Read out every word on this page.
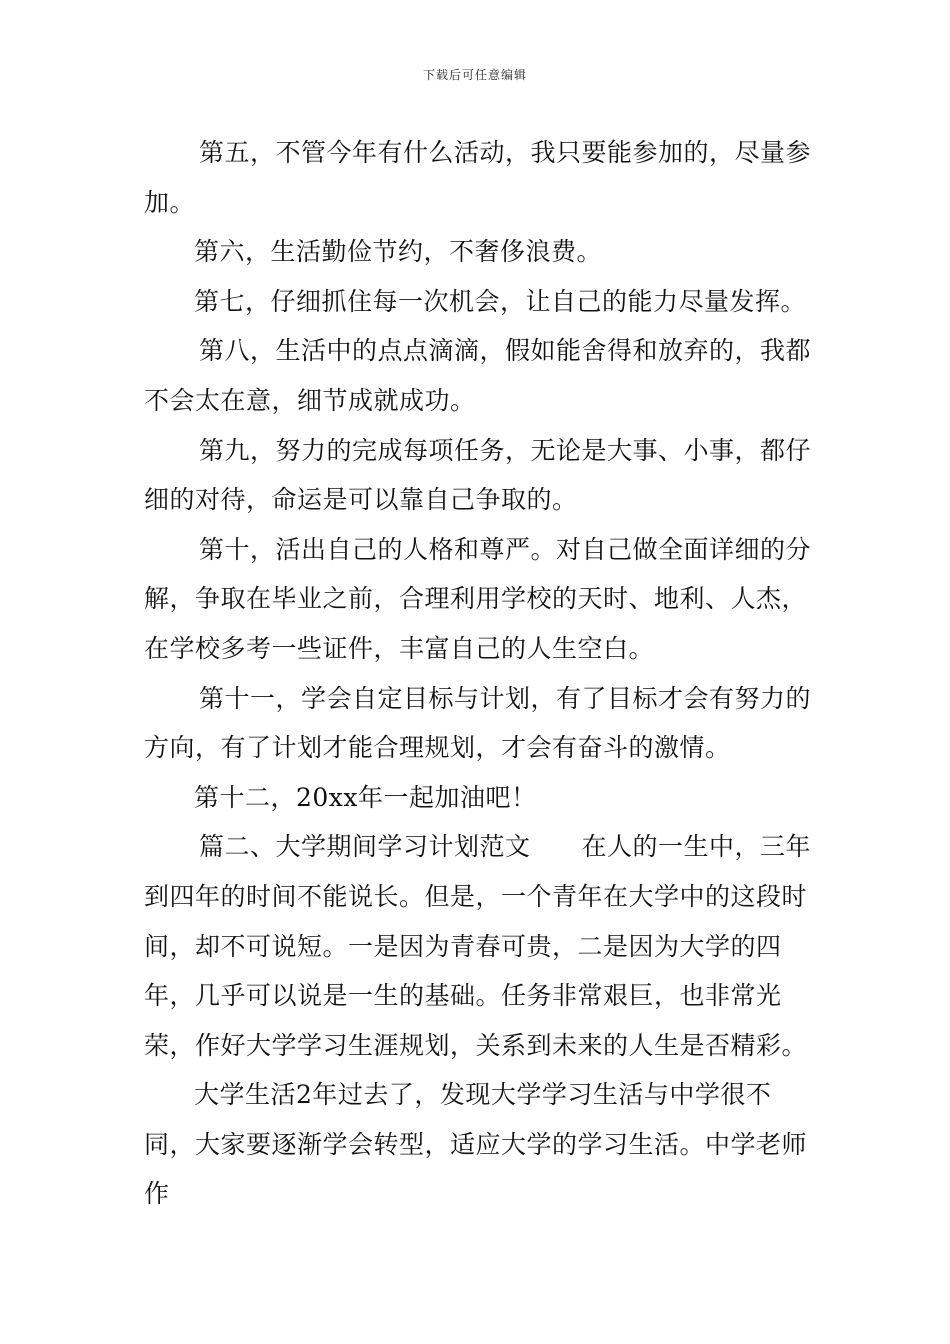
下载后可任意编辑

第五，不管今年有什么活动，我只要能参加的，尽量参加。

第六，生活勤俭节约，不奢侈浪费。

第七，仔细抓住每一次机会，让自己的能力尽量发挥。

第八，生活中的点点滴滴，假如能舍得和放弃的，我都不会太在意，细节成就成功。

第九，努力的完成每项任务，无论是大事、小事，都仔细的对待，命运是可以靠自己争取的。

第十，活出自己的人格和尊严。对自己做全面详细的分解，争取在毕业之前，合理利用学校的天时、地利、人杰，在学校多考一些证件，丰富自己的人生空白。

第十一，学会自定目标与计划，有了目标才会有努力的方向，有了计划才能合理规划，才会有奋斗的激情。

第十二，20xx年一起加油吧！

篇二、大学期间学习计划范文　　在人的一生中，三年到四年的时间不能说长。但是，一个青年在大学中的这段时间，却不可说短。一是因为青春可贵，二是因为大学的四年，几乎可以说是一生的基础。任务非常艰巨，也非常光荣，作好大学学习生涯规划，关系到未来的人生是否精彩。

大学生活2年过去了，发现大学学习生活与中学很不同，大家要逐渐学会转型，适应大学的学习生活。中学老师作
